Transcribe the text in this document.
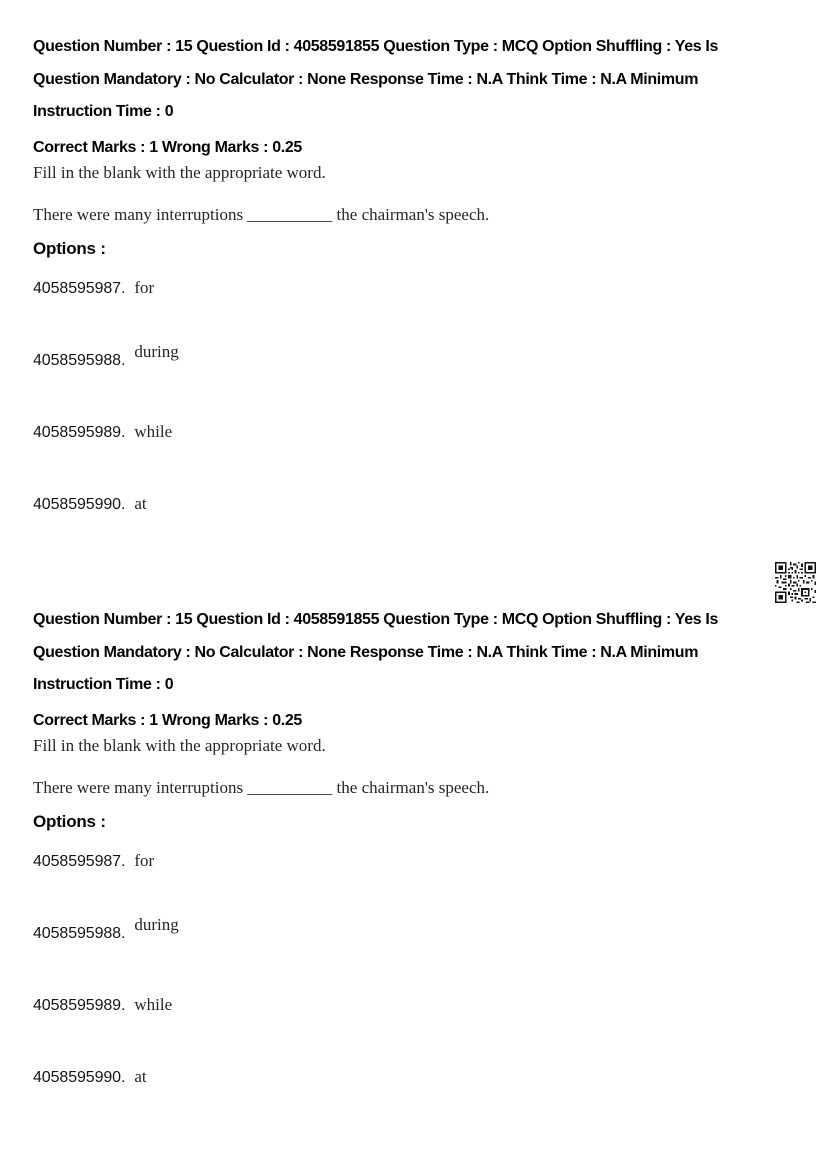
Question Number : 15 Question Id : 4058591855 Question Type : MCQ Option Shuffling : Yes Is
Question Mandatory : No Calculator : None Response Time : N.A Think Time : N.A Minimum
Instruction Time : 0
Correct Marks : 1 Wrong Marks : 0.25
Fill in the blank with the appropriate word.
There were many interruptions __________ the chairman's speech.
Options :
4058595987. for
4058595988. during
4058595989. while
4058595990. at
Question Number : 15 Question Id : 4058591855 Question Type : MCQ Option Shuffling : Yes Is
Question Mandatory : No Calculator : None Response Time : N.A Think Time : N.A Minimum
Instruction Time : 0
Correct Marks : 1 Wrong Marks : 0.25
Fill in the blank with the appropriate word.
There were many interruptions __________ the chairman's speech.
Options :
4058595987. for
4058595988. during
4058595989. while
4058595990. at
